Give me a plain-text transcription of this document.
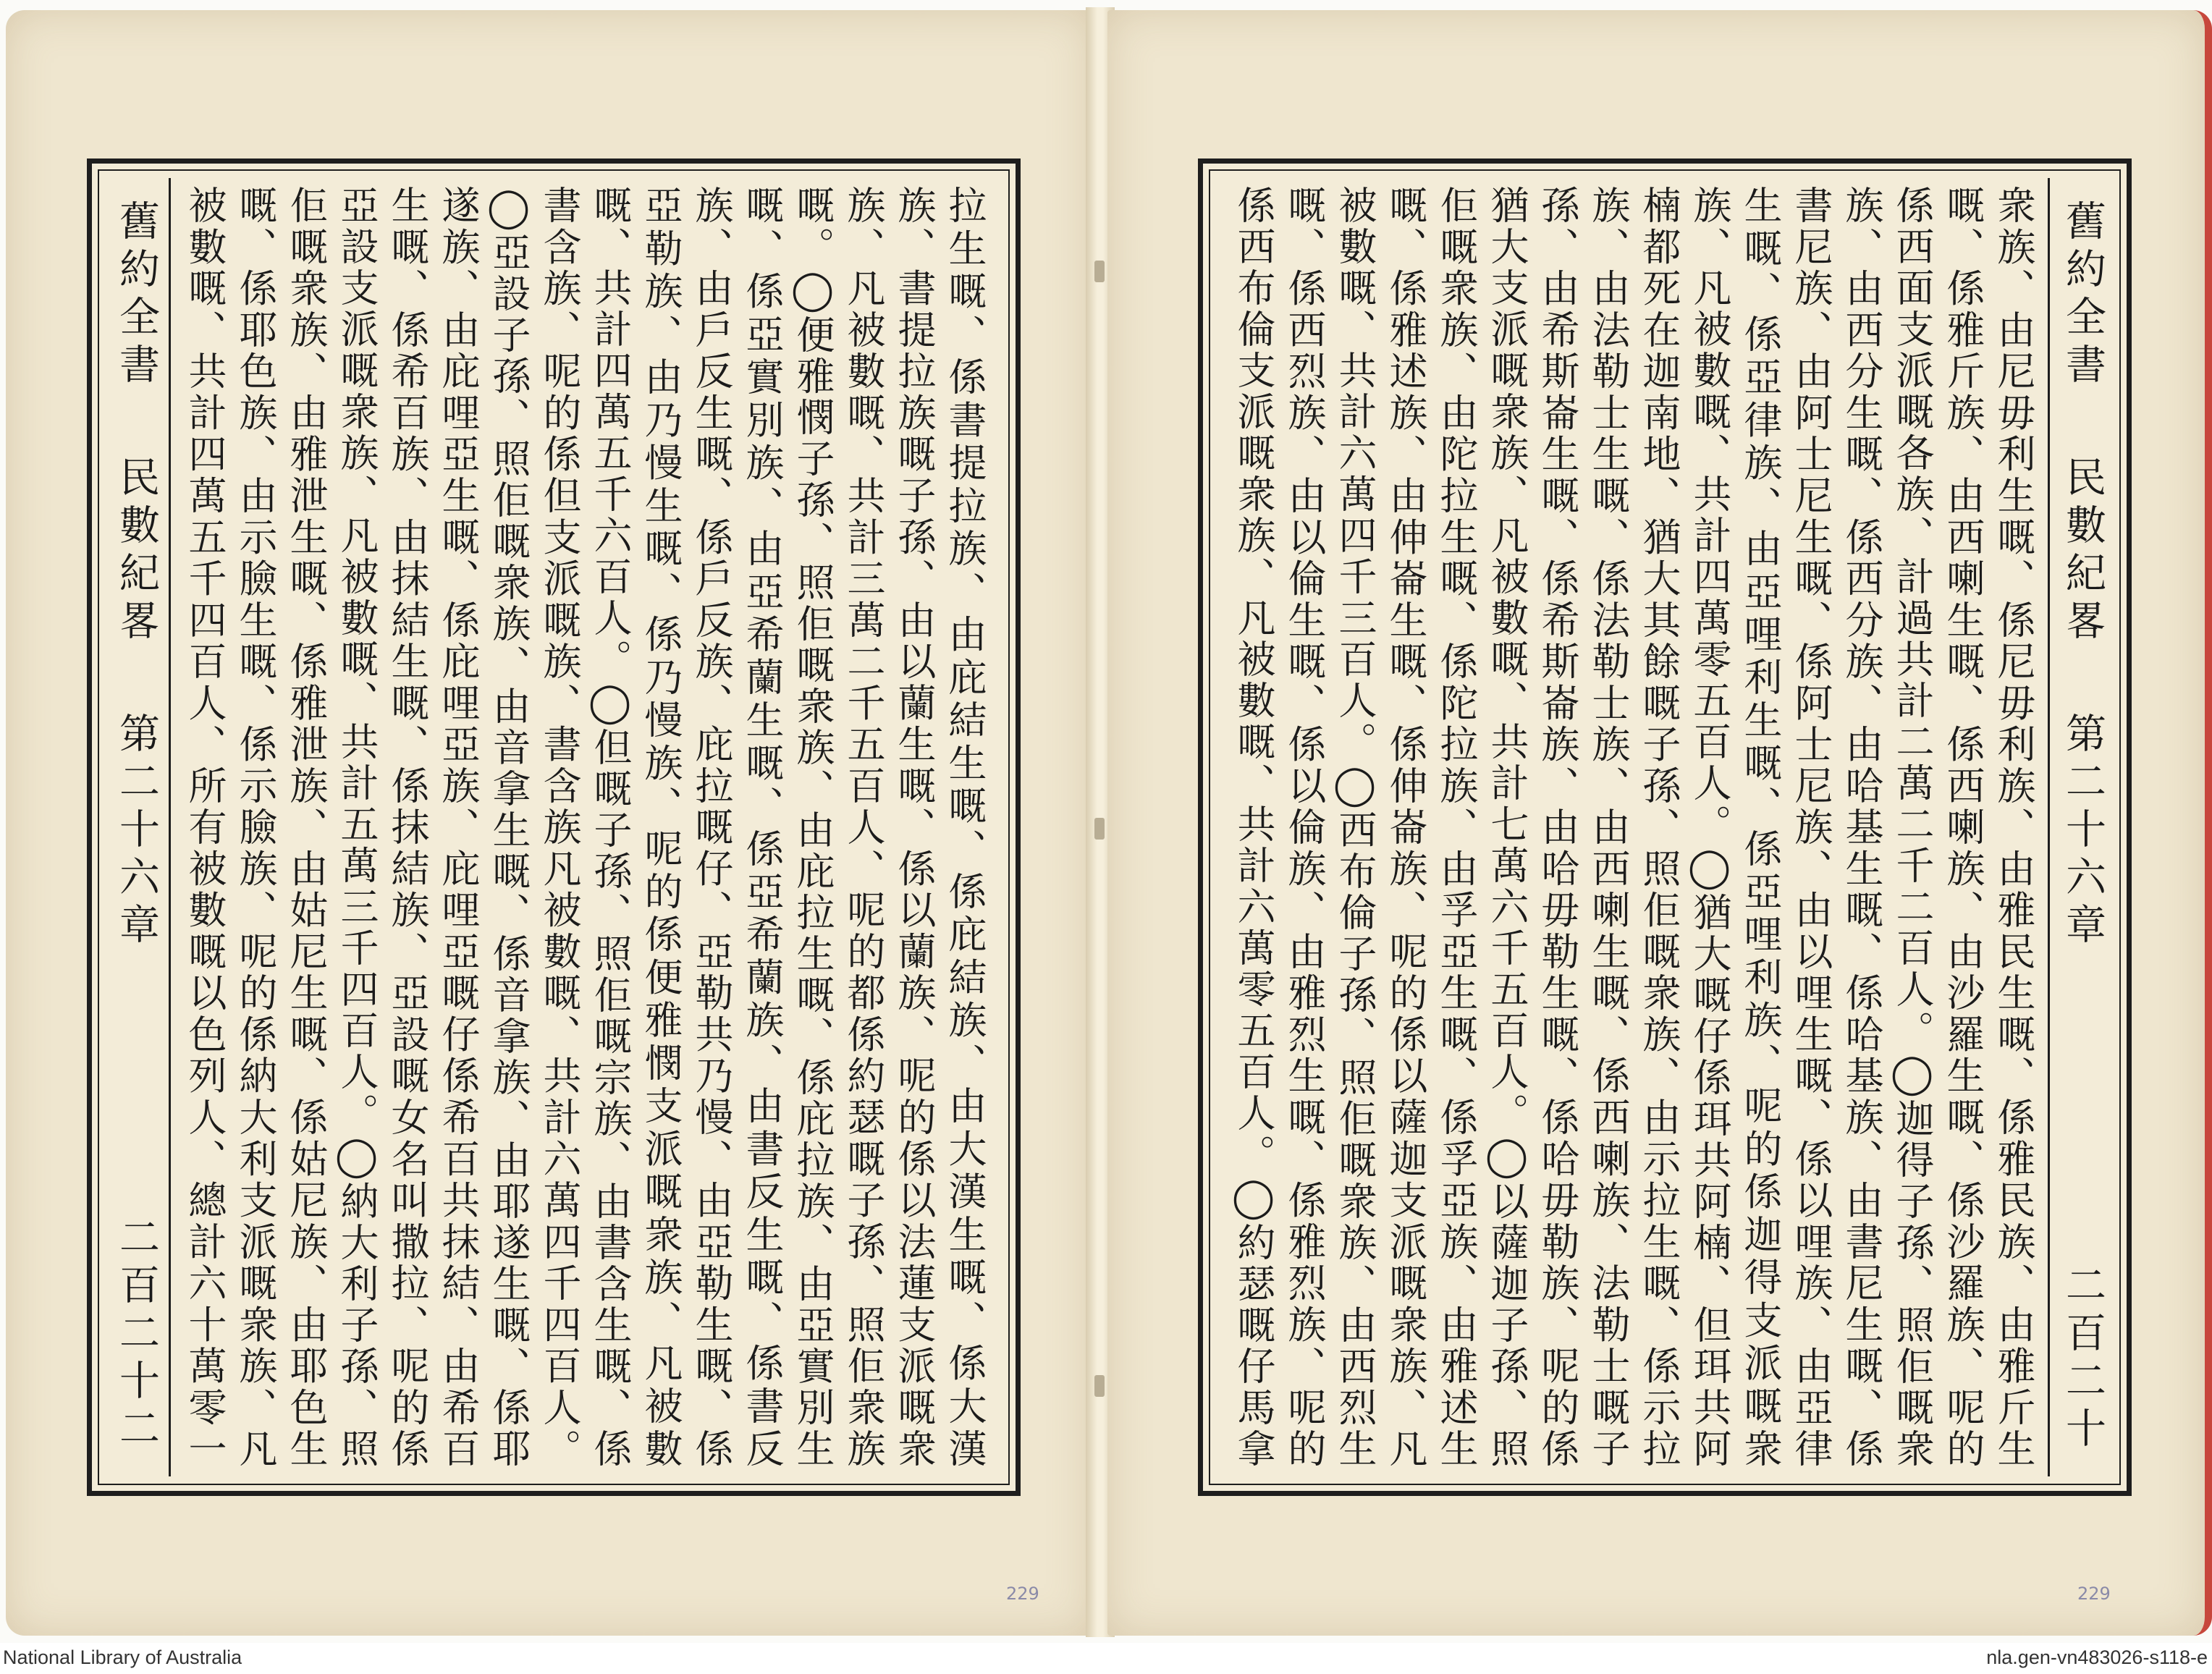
拉生嘅、係書提拉族、由庇結生嘅、係庇結族、由大漢生嘅、係大漢族、書提拉族嘅子孫、由以蘭生嘅、係以蘭族、呢的係以法蓮支派嘅衆族、凡被數嘅、共計三萬二千五百人、呢的都係約瑟嘅子孫、照佢衆族嘅。◯便雅憫子孫、照佢嘅衆族、由庇拉生嘅、係庇拉族、由亞實別生嘅、係亞實別族、由亞希蘭生嘅、係亞希蘭族、由書反生嘅、係書反族、由戶反生嘅、係戶反族、庇拉嘅仔、亞勒共乃慢、由亞勒生嘅、係亞勒族、由乃慢生嘅、係乃慢族、呢的係便雅憫支派嘅衆族、凡被數嘅、共計四萬五千六百人。◯但嘅子孫、照佢嘅宗族、由書含生嘅、係書含族、呢的係但支派嘅族、書含族凡被數嘅、共計六萬四千四百人。◯亞設子孫、照佢嘅衆族、由音拿生嘅、係音拿族、由耶遂生嘅、係耶遂族、由庇哩亞生嘅、係庇哩亞族、庇哩亞嘅仔係希百共抹結、由希百生嘅、係希百族、由抹結生嘅、係抹結族、亞設嘅女名叫撒拉、呢的係亞設支派嘅衆族、凡被數嘅、共計五萬三千四百人。◯納大利子孫、照佢嘅衆族、由雅泄生嘅、係雅泄族、由姑尼生嘅、係姑尼族、由耶色生嘅、係耶色族、由示臉生嘅、係示臉族、呢的係納大利支派嘅衆族、凡被數嘅、共計四萬五千四百人、所有被數嘅以色列人、總計六十萬零一
舊約全書
民數紀畧
第二十六章
二百二十二
衆族、由尼毋利生嘅、係尼毋利族、由雅民生嘅、係雅民族、由雅斤生嘅、係雅斤族、由西喇生嘅、係西喇族、由沙羅生嘅、係沙羅族、呢的係西面支派嘅各族、計過共計二萬二千二百人。◯迦得子孫、照佢嘅衆族、由西分生嘅、係西分族、由哈基生嘅、係哈基族、由書尼生嘅、係書尼族、由阿士尼生嘅、係阿士尼族、由以哩生嘅、係以哩族、由亞律生嘅、係亞律族、由亞哩利生嘅、係亞哩利族、呢的係迦得支派嘅衆族、凡被數嘅、共計四萬零五百人。◯猶大嘅仔係珥共阿楠、但珥共阿楠都死在迦南地、猶大其餘嘅子孫、照佢嘅衆族、由示拉生嘅、係示拉族、由法勒士生嘅、係法勒士族、由西喇生嘅、係西喇族、法勒士嘅子孫、由希斯崙生嘅、係希斯崙族、由哈毋勒生嘅、係哈毋勒族、呢的係猶大支派嘅衆族、凡被數嘅、共計七萬六千五百人。◯以薩迦子孫、照佢嘅衆族、由陀拉生嘅、係陀拉族、由孚亞生嘅、係孚亞族、由雅述生嘅、係雅述族、由伸崙生嘅、係伸崙族、呢的係以薩迦支派嘅衆族、凡被數嘅、共計六萬四千三百人。◯西布倫子孫、照佢嘅衆族、由西烈生嘅、係西烈族、由以倫生嘅、係以倫族、由雅烈生嘅、係雅烈族、呢的係西布倫支派嘅衆族、凡被數嘅、共計六萬零五百人。◯約瑟嘅仔馬拿
舊約全書
民數紀畧
第二十六章
二百二十
229	229
National Library of Australia	nla.gen-vn483026-s118-e
